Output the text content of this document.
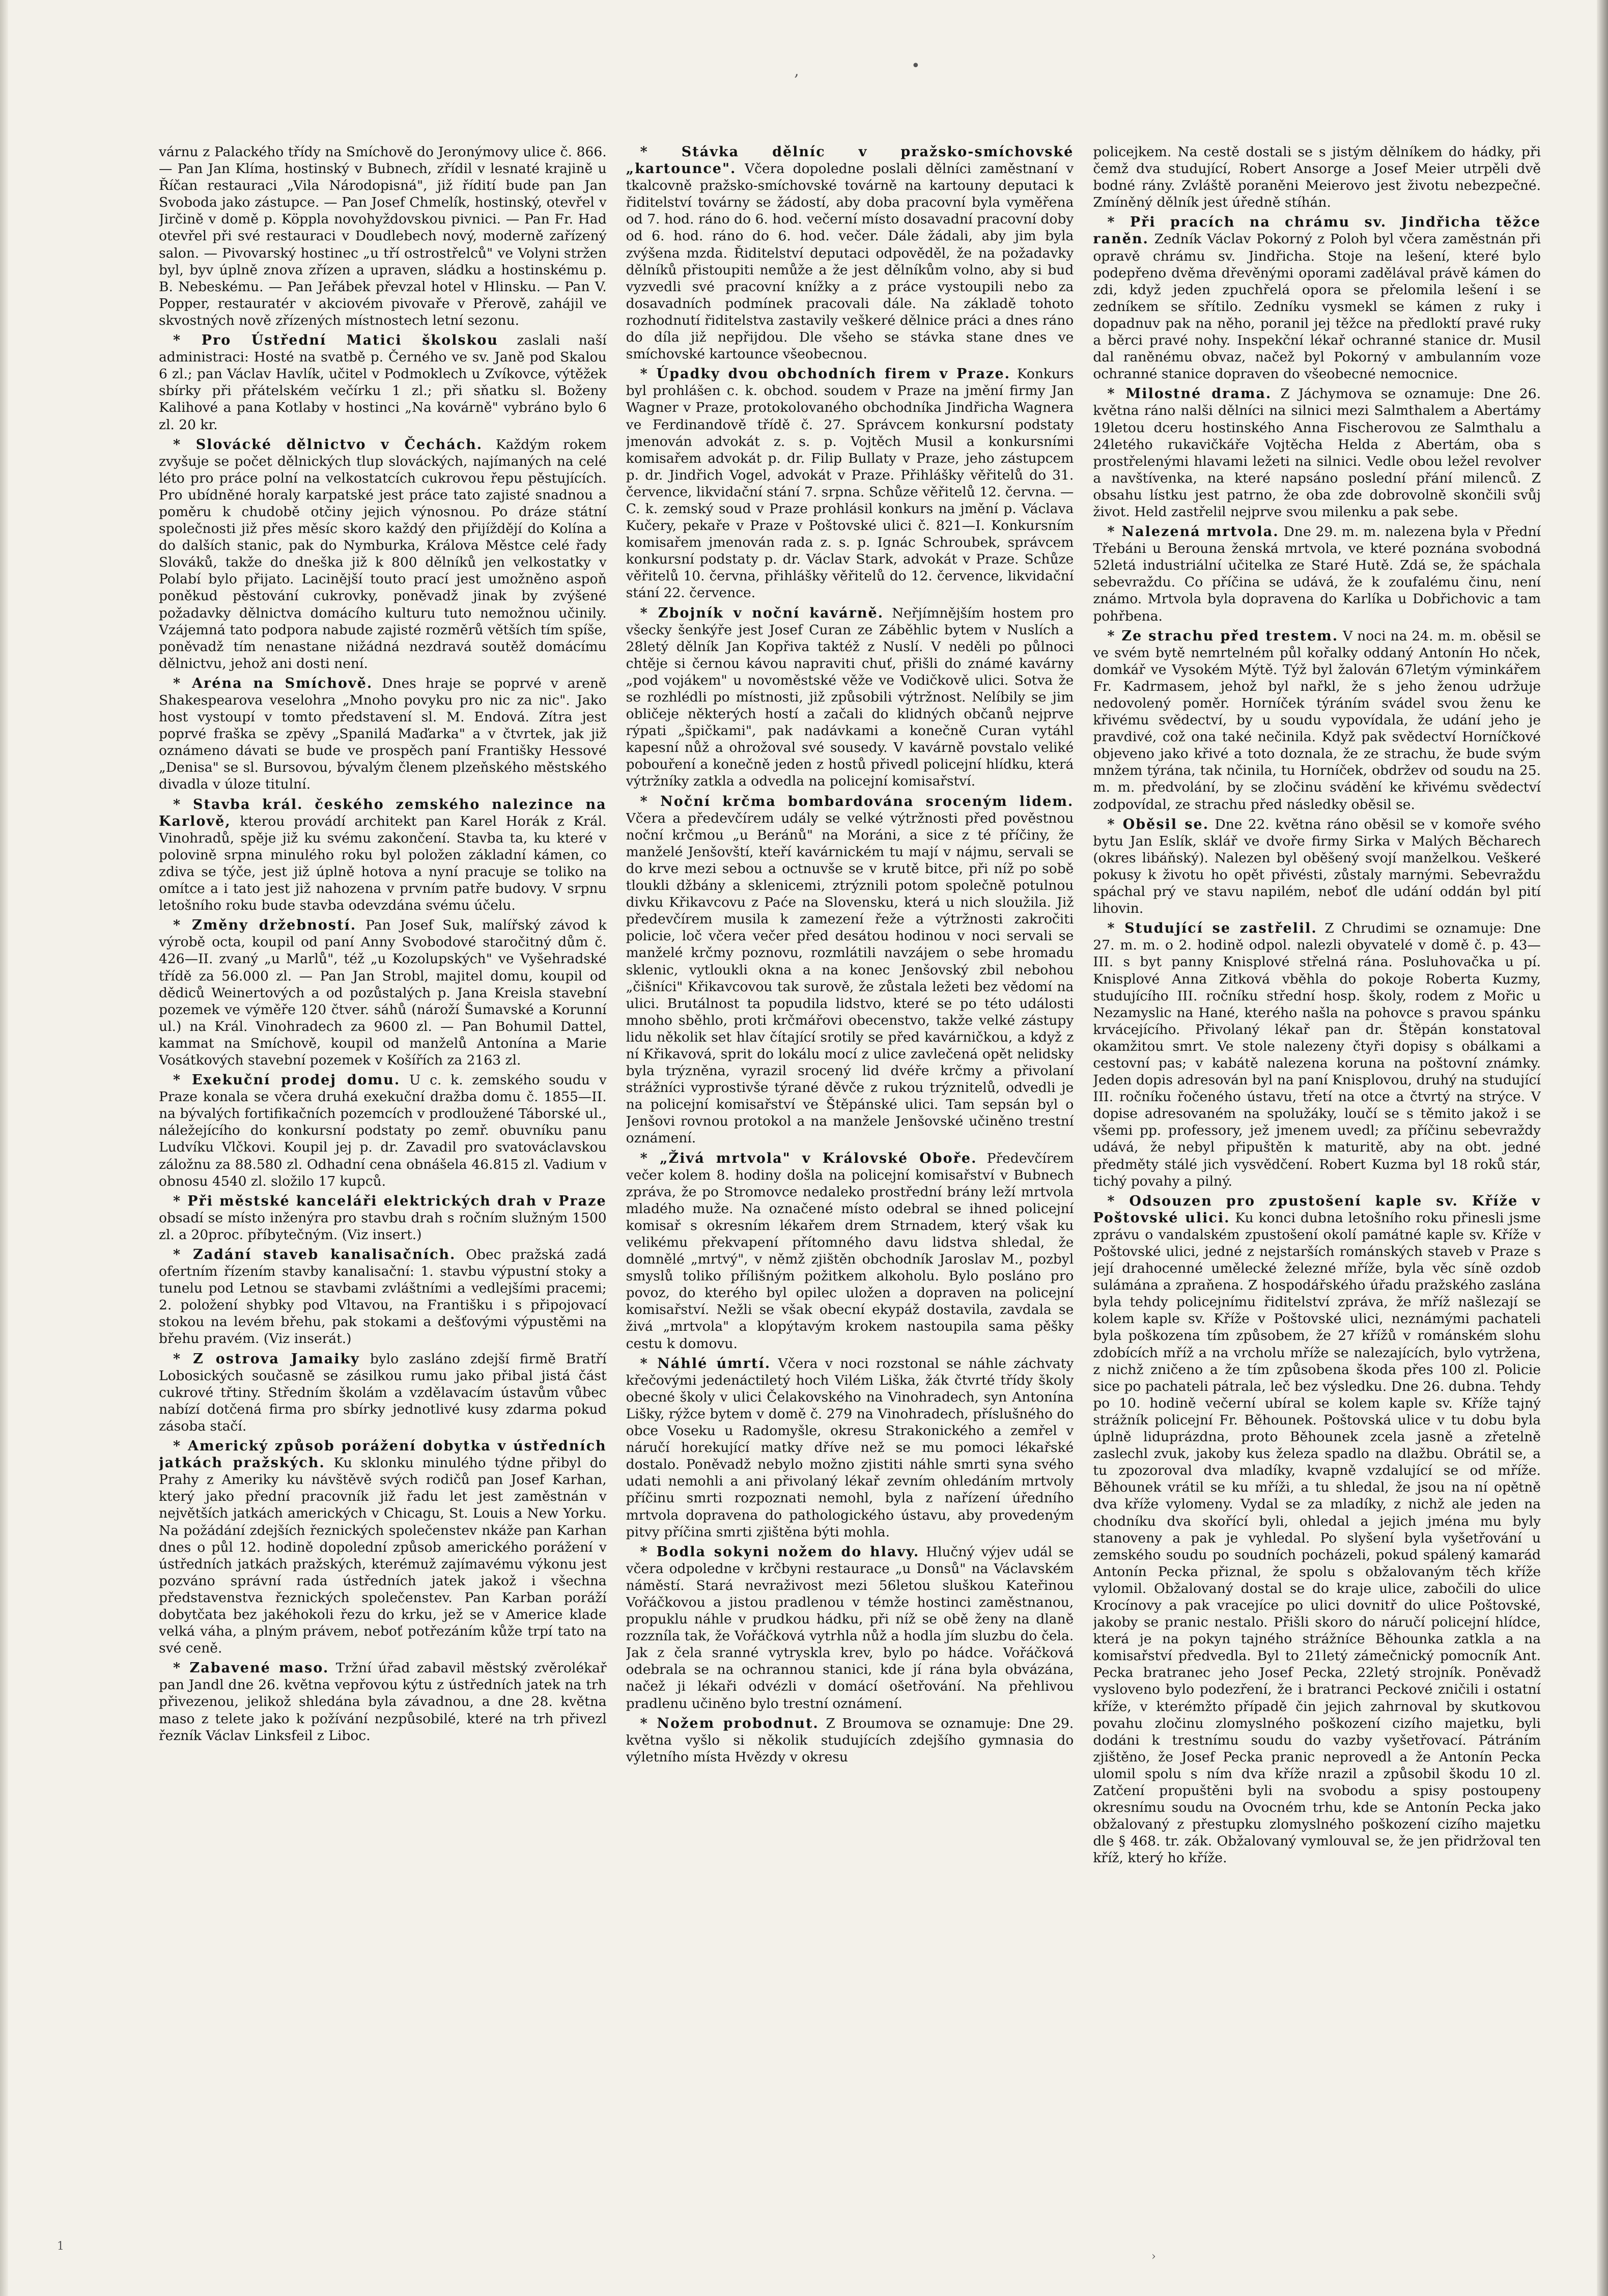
‚	•
1
›

várnu z Palackého třídy na Smíchově do Jeronýmovy ulice č. 866. — Pan Jan Klíma, hostinský v Bubnech, zřídil v lesnaté krajině u Říčan restauraci „Vila Národopisná", již řídití bude pan Jan Svoboda jako zástupce. — Pan Josef Chmelík, hostinský, otevřel v Jirčině v domě p. Köppla novohyždovskou pivnici. — Pan Fr. Had otevřel při své restauraci v Doudlebech nový, moderně zařízený salon. — Pivovarský hostinec „u tří ostrostřelců" ve Volyni stržen byl, byv úplně znova zřízen a upraven, sládku a hostinskému p. B. Nebeskému. — Pan Jeřábek převzal hotel v Hlinsku. — Pan V. Popper, restauratér v akciovém pivovaře v Přerově, zahájil ve skvostných nově zřízených místnostech letní sezonu.

* Pro Ústřední Matici školskou zaslali naší administraci: Hosté na svatbě p. Černého ve sv. Janě pod Skalou 6 zl.; pan Václav Havlík, učitel v Podmoklech u Zvíkovce, výtěžek sbírky při přátelském večírku 1 zl.; při sňatku sl. Boženy Kalihové a pana Kotlaby v hostinci „Na kovárně" vybráno bylo 6 zl. 20 kr.

* Slovácké dělnictvo v Čechách. Každým rokem zvyšuje se počet dělnických tlup slováckých, najímaných na celé léto pro práce polní na velkostatcích cukrovou řepu pěstujících. Pro ubídněné horaly karpatské jest práce tato zajisté snadnou a poměru k chudobě otčiny jejich výnosnou. Po dráze státní společnosti již přes měsíc skoro každý den přijíždějí do Kolína a do dalších stanic, pak do Nymburka, Králova Městce celé řady Slováků, takže do dneška již k 800 dělníků jen velkostatky v Polabí bylo přijato. Lacinější touto prací jest umožněno aspoň poněkud pěstování cukrovky, poněvadž jinak by zvýšené požadavky dělnictva domácího kulturu tuto nemožnou učinily. Vzájemná tato podpora nabude zajisté rozměrů větších tím spíše, poněvadž tím nenastane nižádná nezdravá soutěž domácímu dělnictvu, jehož ani dosti není.

* Aréna na Smíchově. Dnes hraje se poprvé v areně Shakespearova veselohra „Mnoho povyku pro nic za nic". Jako host vystoupí v tomto představení sl. M. Endová. Zítra jest poprvé fraška se zpěvy „Spanilá Maďarka" a v čtvrtek, jak již oznámeno dávati se bude ve prospěch paní Františky Hessové „Denisa" se sl. Bursovou, bývalým členem plzeňského městského divadla v úloze titulní.

* Stavba král. českého zemského nalezince na Karlově, kterou provádí architekt pan Karel Horák z Král. Vinohradů, spěje již ku svému zakončení. Stavba ta, ku které v polovině srpna minulého roku byl položen základní kámen, co zdiva se týče, jest již úplně hotova a nyní pracuje se toliko na omítce a i tato jest již nahozena v prvním patře budovy. V srpnu letošního roku bude stavba odevzdána svému účelu.

* Změny držebností. Pan Josef Suk, malířský závod k výrobě octa, koupil od paní Anny Svobodové staročitný dům č. 426—II. zvaný „u Marlů", též „u Kozolupských" ve Vyšehradské třídě za 56.000 zl. — Pan Jan Strobl, majitel domu, koupil od dědiců Weinertových a od pozůstalých p. Jana Kreisla stavební pozemek ve výměře 120 čtver. sáhů (nároží Šumavské a Korunní ul.) na Král. Vinohradech za 9600 zl. — Pan Bohumil Dattel, kammat na Smíchově, koupil od manželů Antonína a Marie Vosátkových stavební pozemek v Košířích za 2163 zl.

* Exekuční prodej domu. U c. k. zemského soudu v Praze konala se včera druhá exekuční dražba domu č. 1855—II. na bývalých fortifikačních pozemcích v prodloužené Táborské ul., náležejícího do konkursní podstaty po zemř. obuvníku panu Ludvíku Vlčkovi. Koupil jej p. dr. Zavadil pro svatováclavskou záložnu za 88.580 zl. Odhadní cena obnášela 46.815 zl. Vadium v obnosu 4540 zl. složilo 17 kupců.

* Při městské kanceláři elektrických drah v Praze obsadí se místo inženýra pro stavbu drah s ročním služným 1500 zl. a 20proc. příbytečným. (Viz insert.)

* Zadání staveb kanalisačních. Obec pražská zadá ofertním řízením stavby kanalisační: 1. stavbu výpustní stoky a tunelu pod Letnou se stavbami zvláštními a vedlejšími pracemi; 2. položení shybky pod Vltavou, na Františku i s připojovací stokou na levém břehu, pak stokami a dešťovými výpustěmi na břehu pravém. (Viz inserát.)

* Z ostrova Jamaiky bylo zasláno zdejší firmě Bratří Lobosických současně se zásilkou rumu jako přibal jistá část cukrové třtiny. Středním školám a vzdělavacím ústavům vůbec nabízí dotčená firma pro sbírky jednotlivé kusy zdarma pokud zásoba stačí.

* Americký způsob porážení dobytka v ústředních jatkách pražských. Ku sklonku minulého týdne přibyl do Prahy z Ameriky ku návštěvě svých rodičů pan Josef Karhan, který jako přední pracovník již řadu let jest zaměstnán v největších jatkách amerických v Chicagu, St. Louis a New Yorku. Na požádání zdejších řeznických společenstev nkáže pan Karhan dnes o půl 12. hodině dopolední způsob amerického porážení v ústředních jatkách pražských, kterémuž zajímavému výkonu jest pozváno správní rada ústředních jatek jakož i všechna představenstva řeznických společenstev. Pan Karban poráží dobytčata bez jakéhokoli řezu do krku, jež se v Americe klade velká váha, a plným právem, neboť potřezáním kůže trpí tato na své ceně.

* Zabavené maso. Tržní úřad zabavil městský zvěrolékař pan Jandl dne 26. května vepřovou kýtu z ústředních jatek na trh přivezenou, jelikož shledána byla závadnou, a dne 28. května maso z telete jako k požívání nezpůsobilé, které na trh přivezl řezník Václav Linksfeil z Liboc.

* Stávka dělníc v pražsko-smíchovské „kartounce". Včera dopoledne poslali dělníci zaměstnaní v tkalcovně pražsko-smíchovské továrně na kartouny deputaci k řiditelství továrny se žádostí, aby doba pracovní byla vyměřena od 7. hod. ráno do 6. hod. večerní místo dosavadní pracovní doby od 6. hod. ráno do 6. hod. večer. Dále žádali, aby jim byla zvýšena mzda. Řiditelství deputaci odpověděl, že na požadavky dělníků přistoupiti nemůže a že jest dělníkům volno, aby si buď vyzvedli své pracovní knížky a z práce vystoupili nebo za dosavadních podmínek pracovali dále. Na základě tohoto rozhodnutí řiditelstva zastavily veškeré dělnice práci a dnes ráno do díla již nepřijdou. Dle všeho se stávka stane dnes ve smíchovské kartounce všeobecnou.

* Úpadky dvou obchodních firem v Praze. Konkurs byl prohlášen c. k. obchod. soudem v Praze na jmění firmy Jan Wagner v Praze, protokolovaného obchodníka Jindřicha Wagnera ve Ferdinandově třídě č. 27. Správcem konkursní podstaty jmenován advokát z. s. p. Vojtěch Musil a konkursními komisařem advokát p. dr. Filip Bullaty v Praze, jeho zástupcem p. dr. Jindřich Vogel, advokát v Praze. Přihlášky věřitelů do 31. července, likvidační stání 7. srpna. Schůze věřitelů 12. června. — C. k. zemský soud v Praze prohlásil konkurs na jmění p. Václava Kučery, pekaře v Praze v Poštovské ulici č. 821—I. Konkursním komisařem jmenován rada z. s. p. Ignác Schroubek, správcem konkursní podstaty p. dr. Václav Stark, advokát v Praze. Schůze věřitelů 10. června, přihlášky věřitelů do 12. července, likvidační stání 22. července.

* Zbojník v noční kavárně. Neřjímnějším hostem pro všecky šenkýře jest Josef Curan ze Záběhlic bytem v Nuslích a 28letý dělník Jan Kopřiva taktéž z Nuslí. V neděli po půlnoci chtěje si černou kávou napraviti chuť, přišli do známé kavárny „pod vojákem" u novoměstské věže ve Vodičkově ulici. Sotva že se rozhlédli po místnosti, již způsobili výtržnost. Nelíbily se jim obličeje některých hostí a začali do klidných občanů nejprve rýpati „špičkami", pak nadávkami a konečně Curan vytáhl kapesní nůž a ohrožoval své sousedy. V kavárně povstalo veliké pobouření a konečně jeden z hostů přivedl policejní hlídku, která výtržníky zatkla a odvedla na policejní komisařství.

* Noční krčma bombardována sroceným lidem. Včera a předevčírem udály se velké výtržnosti před pověstnou noční krčmou „u Beránů" na Moráni, a sice z té příčiny, že manželé Jenšovští, kteří kavárnickém tu mají v nájmu, servali se do krve mezi sebou a octnuvše se v krutě bitce, při níž po sobě tloukli džbány a sklenicemi, ztrýznili potom společně potulnou divku Křikavcovu z Paće na Slovensku, která u nich sloužila. Již předevčírem musila k zamezení řeže a výtržnosti zakročiti policie, loč včera večer před desátou hodinou v noci servali se manželé krčmy poznovu, rozmlátili navzájem o sebe hromadu sklenic, vytloukli okna a na konec Jenšovský zbil nebohou „čišníci" Křikavcovou tak surově, že zůstala ležeti bez vědomí na ulici. Brutálnost ta popudila lidstvo, které se po této události mnoho sběhlo, proti krčmářovi obecenstvo, takže velké zástupy lidu několik set hlav čítající srotily se před kavárničkou, a když z ní Křikavová, sprit do lokálu mocí z ulice zavlečená opět nelidsky byla trýzněna, vyrazil srocený lid dvéře krčmy a přivolaní strážníci vyprostivše týrané děvče z rukou trýznitelů, odvedli je na policejní komisařství ve Štěpánské ulici. Tam sepsán byl o Jenšovi rovnou protokol a na manžele Jenšovské učiněno trestní oznámení.

* „Živá mrtvola" v Královské Oboře. Předevčírem večer kolem 8. hodiny došla na policejní komisařství v Bubnech zpráva, že po Stromovce nedaleko prostřední brány leží mrtvola mladého muže. Na označené místo odebral se ihned policejní komisař s okresním lékařem drem Strnadem, který však ku velikému překvapení přítomného davu lidstva shledal, že domnělé „mrtvý", v němž zjištěn obchodník Jaroslav M., pozbyl smyslů toliko přílišným požitkem alkoholu. Bylo posláno pro povoz, do kterého byl opilec uložen a dopraven na policejní komisařství. Nežli se však obecní ekypáž dostavila, zavdala se živá „mrtvola" a klopýtavým krokem nastoupila sama pěšky cestu k domovu.

* Náhlé úmrtí. Včera v noci rozstonal se náhle záchvaty křečovými jedenáctiletý hoch Vilém Liška, žák čtvrté třídy školy obecné školy v ulici Čelakovského na Vinohradech, syn Antonína Lišky, rýžce bytem v domě č. 279 na Vinohradech, příslušného do obce Voseku u Radomyšle, okresu Strakonického a zemřel v náručí horekující matky dříve než se mu pomoci lékařské dostalo. Poněvadž nebylo možno zjistiti náhle smrti syna svého udati nemohli a ani přivolaný lékař zevním ohledáním mrtvoly příčinu smrti rozpoznati nemohl, byla z nařízení úředního mrtvola dopravena do pathologického ústavu, aby provedeným pitvy příčina smrti zjištěna býti mohla.

* Bodla sokyni nožem do hlavy. Hlučný výjev udál se včera odpoledne v krčbyni restaurace „u Donsů" na Václavském náměstí. Stará nevraživost mezi 56letou sluškou Kateřinou Vořáčkovou a jistou pradlenou v témže hostinci zaměstnanou, propuklu náhle v prudkou hádku, při níž se obě ženy na dlaně rozzníla tak, že Vořáčková vytrhla nůž a hodla jím sluzbu do čela. Jak z čela sranné vytryskla krev, bylo po hádce. Vořáčková odebrala se na ochrannou stanici, kde jí rána byla obvázána, načež ji lékaři odvézli v domácí ošetřování. Na přehlivou pradlenu učiněno bylo trestní oznámení.

* Nožem probodnut. Z Broumova se oznamuje: Dne 29. května vyšlo si několik studujících zdejšího gymnasia do výletního místa Hvězdy v okresu

policejkem. Na cestě dostali se s jistým dělníkem do hádky, při čemž dva studující, Robert Ansorge a Josef Meier utrpěli dvě bodné rány. Zvláště poraněni Meierovo jest životu nebezpečné. Zmíněný dělník jest úředně stíhán.

* Při pracích na chrámu sv. Jindřicha těžce raněn. Zedník Václav Pokorný z Poloh byl včera zaměstnán při opravě chrámu sv. Jindřicha. Stoje na lešení, které bylo podepřeno dvěma dřevěnými oporami zadělával právě kámen do zdi, když jeden zpuchřelá opora se přelomila lešení i se zedníkem se sřítilo. Zedníku vysmekl se kámen z ruky i dopadnuv pak na něho, poranil jej těžce na předloktí pravé ruky a běrci pravé nohy. Inspekční lékař ochranné stanice dr. Musil dal raněnému obvaz, načež byl Pokorný v ambulanním voze ochranné stanice dopraven do všeobecné nemocnice.

* Milostné drama. Z Jáchymova se oznamuje: Dne 26. května ráno nalši dělníci na silnici mezi Salmthalem a Abertámy 19letou dceru hostinského Anna Fischerovou ze Salmthalu a 24letého rukavičkáře Vojtěcha Helda z Abertám, oba s prostřelenými hlavami ležeti na silnici. Vedle obou ležel revolver a navštívenka, na které napsáno poslední přání milenců. Z obsahu lístku jest patrno, že oba zde dobrovolně skončili svůj život. Held zastřelil nejprve svou milenku a pak sebe.

* Nalezená mrtvola. Dne 29. m. m. nalezena byla v Přední Třebáni u Berouna ženská mrtvola, ve které poznána svobodná 52letá industriální učitelka ze Staré Hutě. Zdá se, že spáchala sebevraždu. Co příčina se udává, že k zoufalému činu, není známo. Mrtvola byla dopravena do Karlíka u Dobřichovic a tam pohřbena.

* Ze strachu před trestem. V noci na 24. m. m. oběsil se ve svém bytě nemrtelném půl kořalky oddaný Antonín Ho nček, domkář ve Vysokém Mýtě. Týž byl žalován 67letým výminkářem Fr. Kadrmasem, jehož byl nařkl, že s jeho ženou udržuje nedovolený poměr. Horníček týráním svádel svou ženu ke křivému svědectví, by u soudu vypovídala, že udání jeho je pravdivé, což ona také nečinila. Když pak svědectví Horníčkové objeveno jako křivé a toto doznala, že ze strachu, že bude svým mnžem týrána, tak nčinila, tu Horníček, obdržev od soudu na 25. m. m. předvolání, by se zločinu svádění ke křivému svědectví zodpovídal, ze strachu před následky oběsil se.

* Oběsil se. Dne 22. května ráno oběsil se v komoře svého bytu Jan Eslík, sklář ve dvoře firmy Sirka v Malých Běcharech (okres libáňský). Nalezen byl oběšený svojí manželkou. Veškeré pokusy k životu ho opět přivésti, zůstaly marnými. Sebevraždu spáchal prý ve stavu napilém, neboť dle udání oddán byl pití lihovin.

* Studující se zastřelil. Z Chrudimi se oznamuje: Dne 27. m. m. o 2. hodině odpol. nalezli obyvatelé v domě č. p. 43—III. s byt panny Knisplové střelná rána. Posluhovačka u pí. Knisplové Anna Zitková vběhla do pokoje Roberta Kuzmy, studujícího III. ročníku střední hosp. školy, rodem z Mořic u Nezamyslic na Hané, kterého našla na pohovce s pravou spánku krvácejícího. Přivolaný lékař pan dr. Štěpán konstatoval okamžitou smrt. Ve stole nalezeny čtyři dopisy s obálkami a cestovní pas; v kabátě nalezena koruna na poštovní známky. Jeden dopis adresován byl na paní Knisplovou, druhý na studující III. ročníku řočeného ústavu, třetí na otce a čtvrtý na strýce. V dopise adresovaném na spolužáky, loučí se s těmito jakož i se všemi pp. professory, jež jmenem uvedl; za příčinu sebevraždy udává, že nebyl připuštěn k maturitě, aby na obt. jedné předměty stálé jich vysvědčení. Robert Kuzma byl 18 roků stár, tichý povahy a pilný.

* Odsouzen pro zpustošení kaple sv. Kříže v Poštovské ulici. Ku konci dubna letošního roku přinesli jsme zprávu o vandalském zpustošení okolí památné kaple sv. Kříže v Poštovské ulici, jedné z nejstarších románských staveb v Praze s její drahocenné umělecké železné mříže, byla věc síně ozdob sulámána a zpraňena. Z hospodářského úřadu pražského zaslána byla tehdy policejnímu řiditelství zpráva, že mříž našlezají se kolem kaple sv. Kříže v Poštovské ulici, neznámými pachateli byla poškozena tím způsobem, že 27 křížů v románském slohu zdobících mříž a na vrcholu mříže se nalezajících, bylo vytržena, z nichž zničeno a že tím způsobena škoda přes 100 zl. Policie sice po pachateli pátrala, leč bez výsledku. Dne 26. dubna. Tehdy po 10. hodině večerní ubíral se kolem kaple sv. Kříže tajný strážník policejní Fr. Běhounek. Poštovská ulice v tu dobu byla úplně liduprázdna, proto Běhounek zcela jasně a zřetelně zaslechl zvuk, jakoby kus železa spadlo na dlažbu. Obrátil se, a tu zpozoroval dva mladíky, kvapně vzdalující se od mříže. Běhounek vrátil se ku mříži, a tu shledal, že jsou na ní opětně dva kříže vylomeny. Vydal se za mladíky, z nichž ale jeden na chodníku dva skořící byli, ohledal a jejich jména mu byly stanoveny a pak je vyhledal. Po slyšení byla vyšetřování u zemského soudu po soudních pocházeli, pokud spálený kamarád Antonín Pecka přiznal, že spolu s obžalovaným těch kříže vylomil. Obžalovaný dostal se do kraje ulice, zabočili do ulice Krocínovy a pak vracejíce po ulici dovnitř do ulice Poštovské, jakoby se pranic nestalo. Přišli skoro do náručí policejní hlídce, která je na pokyn tajného strážníce Běhounka zatkla a na komisařství předvedla. Byl to 21letý zámečnický pomocník Ant. Pecka bratranec jeho Josef Pecka, 22letý strojník. Poněvadž vysloveno bylo podezření, že i bratranci Peckové zničili i ostatní kříže, v kterémžto případě čin jejich zahrnoval by skutkovou povahu zločinu zlomyslného poškození cizího majetku, byli dodáni k trestnímu soudu do vazby vyšetřovací. Pátráním zjištěno, že Josef Pecka pranic neprovedl a že Antonín Pecka ulomil spolu s ním dva kříže nrazil a způsobil škodu 10 zl. Zatčení propuštěni byli na svobodu a spisy postoupeny okresnímu soudu na Ovocném trhu, kde se Antonín Pecka jako obžalovaný z přestupku zlomyslného poškození cizího majetku dle § 468. tr. zák. Obžalovaný vymlouval se, že jen přidržoval ten kříž, který ho kříže.
